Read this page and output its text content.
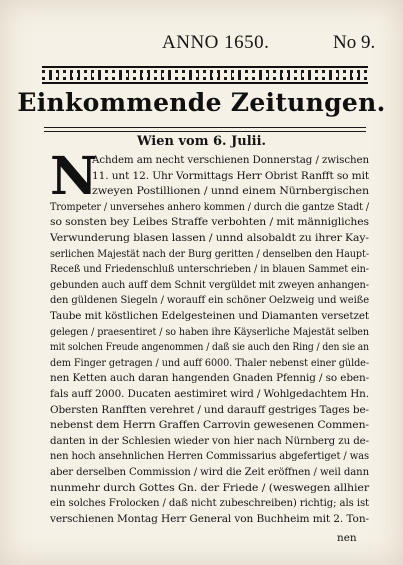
ANNO 1650.	No 9.
Einkommende Zeitungen.
Wien vom 6. Julii.
N
Achdem am necht verschienen Donnerstag / zwischen
11. unt 12. Uhr Vormittags Herr Obrist Ranfft so mit
zweyen Postillionen / unnd einem Nürnbergischen
Trompeter / unversehes anhero kommen / durch die gantze Stadt /
so sonsten bey Leibes Straffe verbohten / mit männigliches
Verwunderung blasen lassen / unnd alsobaldt zu ihrer Kay-
serlichen Majestät nach der Burg geritten / denselben den Haupt-
Receß und Friedenschluß unterschrieben / in blauen Sammet ein-
gebunden auch auff dem Schnit vergüldet mit zweyen anhangen-
den güldenen Siegeln / worauff ein schöner Oelzweig und weiße
Taube mit köstlichen Edelgesteinen und Diamanten versetzet
gelegen / praesentiret / so haben ihre Käyserliche Majestät selben
mit solchen Freude angenommen / daß sie auch den Ring / den sie an
dem Finger getragen / und auff 6000. Thaler nebenst einer gülde-
nen Ketten auch daran hangenden Gnaden Pfennig / so eben-
fals auff 2000. Ducaten aestimiret wird / Wohlgedachtem Hn.
Obersten Ranfften verehret / und darauff gestriges Tages be-
nebenst dem Herrn Graffen Carrovin gewesenen Commen-
danten in der Schlesien wieder von hier nach Nürnberg zu de-
nen hoch ansehnlichen Herren Commissarius abgefertiget / was
aber derselben Commission / wird die Zeit eröffnen / weil dann
nunmehr durch Gottes Gn. der Friede / (weswegen allhier
ein solches Frolocken / daß nicht zubeschreiben) richtig; als ist
verschienen Montag Herr General von Buchheim mit 2. Ton-
nen
